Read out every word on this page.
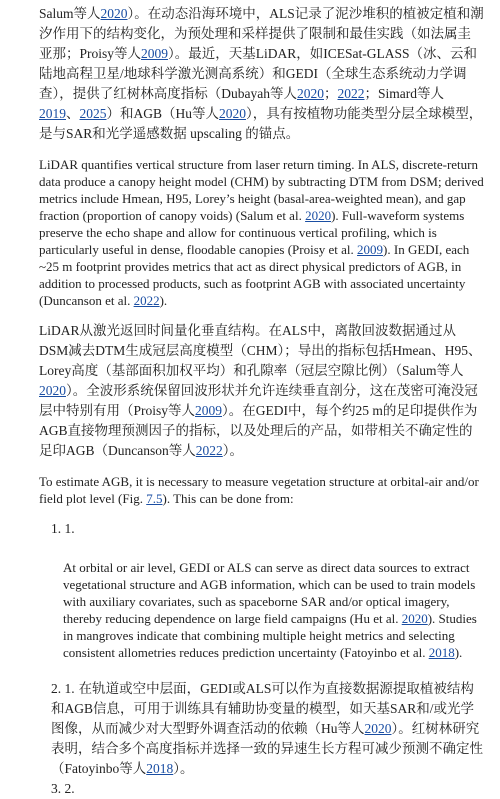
Salum等人2020）。在动态沿海环境中，ALS记录了泥沙堆积的植被定植和潮汐作用下的结构变化，为预处理和采样提供了限制和最佳实践（如法属圭亚那；Proisy等人2009）。最近，天基LiDAR，如ICESat-GLASS（冰、云和陆地高程卫星/地球科学激光测高系统）和GEDI（全球生态系统动力学调查），提供了红树林高度指标（Dubayah等人2020；2022；Simard等人2019、2025）和AGB（Hu等人2020），具有按植物功能类型分层全球模型，是与SAR和光学遥感数据 upscaling 的锚点。

LiDAR quantifies vertical structure from laser return timing. In ALS, discrete-return data produce a canopy height model (CHM) by subtracting DTM from DSM; derived metrics include Hmean, H95, Lorey’s height (basal-area-weighted mean), and gap fraction (proportion of canopy voids) (Salum et al. 2020). Full-waveform systems preserve the echo shape and allow for continuous vertical profiling, which is particularly useful in dense, floodable canopies (Proisy et al. 2009). In GEDI, each ~25 m footprint provides metrics that act as direct physical predictors of AGB, in addition to processed products, such as footprint AGB with associated uncertainty (Duncanson et al. 2022).

LiDAR从激光返回时间量化垂直结构。在ALS中，离散回波数据通过从DSM减去DTM生成冠层高度模型（CHM）；导出的指标包括Hmean、H95、Lorey高度（基部面积加权平均）和孔隙率（冠层空隙比例）（Salum等人2020）。全波形系统保留回波形状并允许连续垂直剖分，这在茂密可淹没冠层中特别有用（Proisy等人2009）。在GEDI中，每个约25 m的足印提供作为AGB直接物理预测因子的指标，以及处理后的产品，如带相关不确定性的足印AGB（Duncanson等人2022）。

To estimate AGB, it is necessary to measure vegetation structure at orbital-air and/or field plot level (Fig. 7.5). This can be done from:

1. 1.
At orbital or air level, GEDI or ALS can serve as direct data sources to extract vegetational structure and AGB information, which can be used to train models with auxiliary covariates, such as spaceborne SAR and/or optical imagery, thereby reducing dependence on large field campaigns (Hu et al. 2020). Studies in mangroves indicate that combining multiple height metrics and selecting consistent allometries reduces prediction uncertainty (Fatoyinbo et al. 2018).
2. 1. 在轨道或空中层面，GEDI或ALS可以作为直接数据源提取植被结构和AGB信息，可用于训练具有辅助协变量的模型，如天基SAR和/或光学图像，从而减少对大型野外调查活动的依赖（Hu等人2020）。红树林研究表明，结合多个高度指标并选择一致的异速生长方程可减少预测不确定性（Fatoyinbo等人2018）。
3. 2.
